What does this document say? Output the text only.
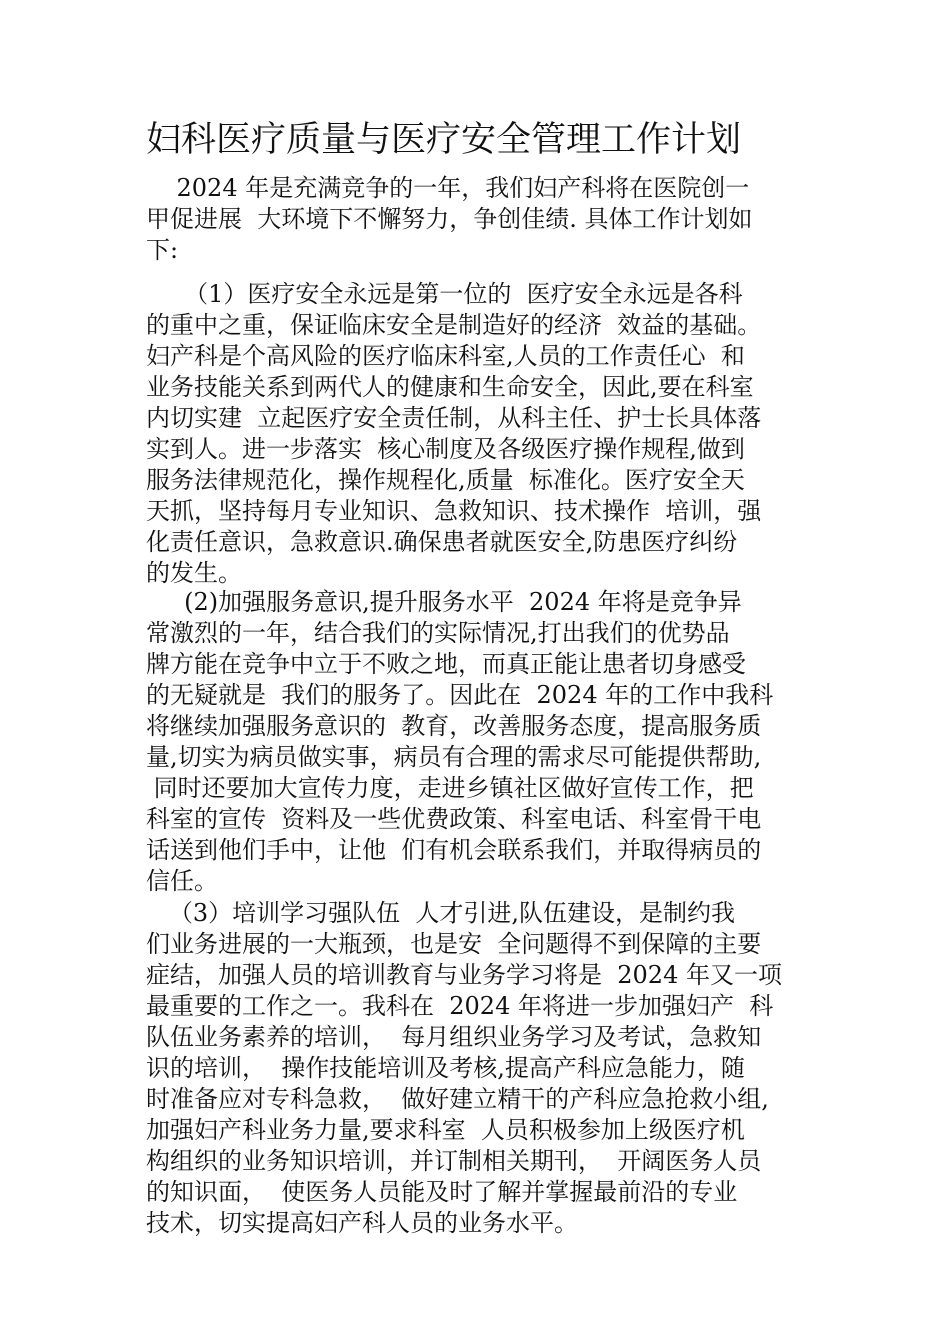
妇科医疗质量与医疗安全管理工作计划
2024 年是充满竞争的一年，我们妇产科将在医院创一
甲促进展  大环境下不懈努力，争创佳绩. 具体工作计划如
下:
（1）医疗安全永远是第一位的  医疗安全永远是各科
的重中之重，保证临床安全是制造好的经济  效益的基础。
妇产科是个高风险的医疗临床科室,人员的工作责任心  和
业务技能关系到两代人的健康和生命安全，因此,要在科室
内切实建  立起医疗安全责任制，从科主任、护士长具体落
实到人。进一步落实  核心制度及各级医疗操作规程,做到
服务法律规范化，操作规程化,质量  标准化。医疗安全天
天抓，坚持每月专业知识、急救知识、技术操作  培训，强
化责任意识，急救意识.确保患者就医安全,防患医疗纠纷
的发生。
(2)加强服务意识,提升服务水平  2024 年将是竞争异
常激烈的一年，结合我们的实际情况,打出我们的优势品
牌方能在竞争中立于不败之地，而真正能让患者切身感受
的无疑就是  我们的服务了。因此在  2024 年的工作中我科
将继续加强服务意识的  教育，改善服务态度，提高服务质
量,切实为病员做实事，病员有合理的需求尽可能提供帮助,
同时还要加大宣传力度，走进乡镇社区做好宣传工作，把
科室的宣传  资料及一些优费政策、科室电话、科室骨干电
话送到他们手中，让他  们有机会联系我们，并取得病员的
信任。
（3）培训学习强队伍  人才引进,队伍建设，是制约我
们业务进展的一大瓶颈，也是安  全问题得不到保障的主要
症结，加强人员的培训教育与业务学习将是  2024 年又一项
最重要的工作之一。我科在  2024 年将进一步加强妇产  科
队伍业务素养的培训，  每月组织业务学习及考试，急救知
识的培训，  操作技能培训及考核,提高产科应急能力，随
时准备应对专科急救，  做好建立精干的产科应急抢救小组,
加强妇产科业务力量,要求科室  人员积极参加上级医疗机
构组织的业务知识培训，并订制相关期刊，  开阔医务人员
的知识面，  使医务人员能及时了解并掌握最前沿的专业
技术，切实提高妇产科人员的业务水平。
